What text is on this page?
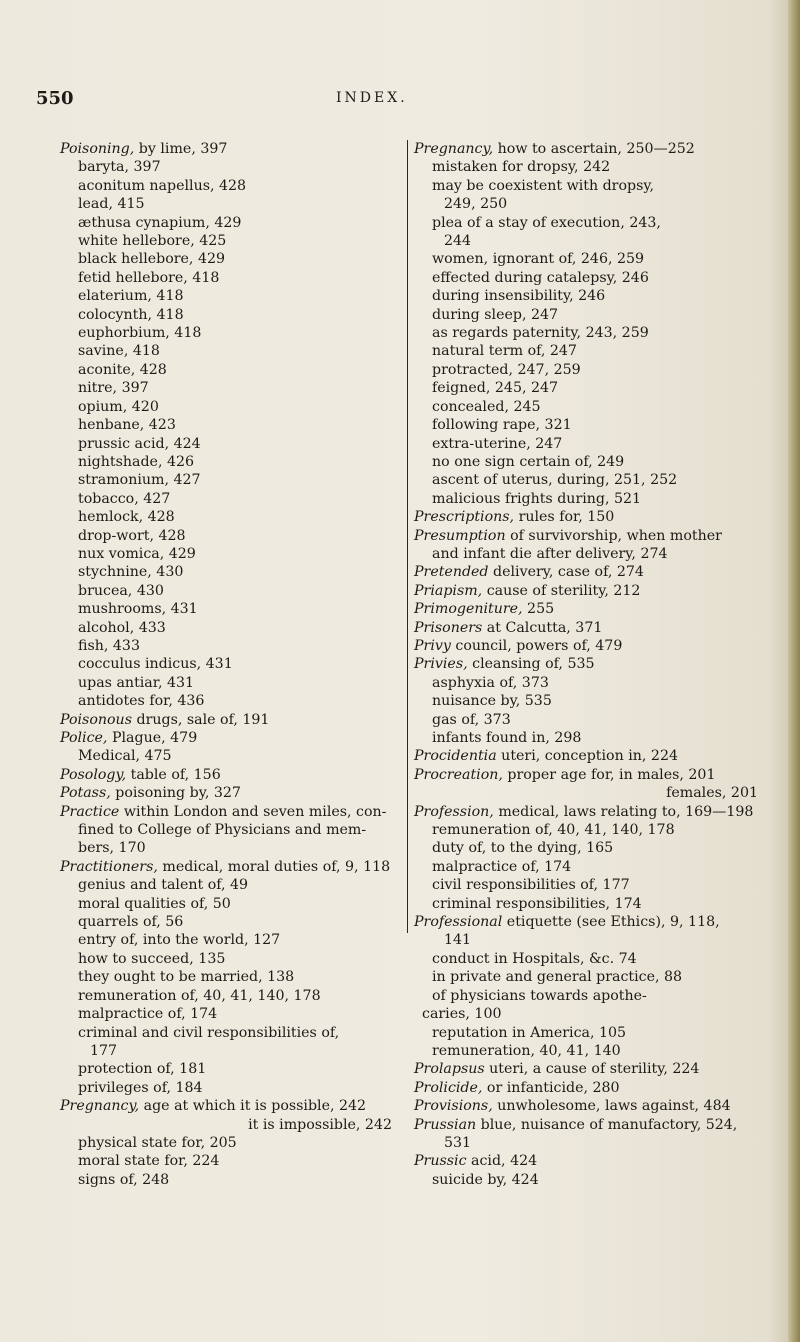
550	INDEX.
Poisoning, by lime, 397
baryta, 397
aconitum napellus, 428
lead, 415
æthusa cynapium, 429
white hellebore, 425
black hellebore, 429
fetid hellebore, 418
elaterium, 418
colocynth, 418
euphorbium, 418
savine, 418
aconite, 428
nitre, 397
opium, 420
henbane, 423
prussic acid, 424
nightshade, 426
stramonium, 427
tobacco, 427
hemlock, 428
drop-wort, 428
nux vomica, 429
stychnine, 430
brucea, 430
mushrooms, 431
alcohol, 433
fish, 433
cocculus indicus, 431
upas antiar, 431
antidotes for, 436
Poisonous drugs, sale of, 191
Police, Plague, 479
Medical, 475
Posology, table of, 156
Potass, poisoning by, 327
Practice within London and seven miles, con-
fined to College of Physicians and mem-
bers, 170
Practitioners, medical, moral duties of, 9, 118
genius and talent of, 49
moral qualities of, 50
quarrels of, 56
entry of, into the world, 127
how to succeed, 135
they ought to be married, 138
remuneration of, 40, 41, 140, 178
malpractice of, 174
criminal and civil responsibilities of,
177
protection of, 181
privileges of, 184
Pregnancy, age at which it is possible, 242
it is impossible, 242
physical state for, 205
moral state for, 224
signs of, 248
Pregnancy, how to ascertain, 250—252
mistaken for dropsy, 242
may be coexistent with dropsy,
249, 250
plea of a stay of execution, 243,
244
women, ignorant of, 246, 259
effected during catalepsy, 246
during insensibility, 246
during sleep, 247
as regards paternity, 243, 259
natural term of, 247
protracted, 247, 259
feigned, 245, 247
concealed, 245
following rape, 321
extra-uterine, 247
no one sign certain of, 249
ascent of uterus, during, 251, 252
malicious frights during, 521
Prescriptions, rules for, 150
Presumption of survivorship, when mother
and infant die after delivery, 274
Pretended delivery, case of, 274
Priapism, cause of sterility, 212
Primogeniture, 255
Prisoners at Calcutta, 371
Privy council, powers of, 479
Privies, cleansing of, 535
asphyxia of, 373
nuisance by, 535
gas of, 373
infants found in, 298
Procidentia uteri, conception in, 224
Procreation, proper age for, in males, 201
females, 201
Profession, medical, laws relating to, 169—198
remuneration of, 40, 41, 140, 178
duty of, to the dying, 165
malpractice of, 174
civil responsibilities of, 177
criminal responsibilities, 174
Professional etiquette (see Ethics), 9, 118,
141
conduct in Hospitals, &c. 74
in private and general practice, 88
of physicians towards apothe-
caries, 100
reputation in America, 105
remuneration, 40, 41, 140
Prolapsus uteri, a cause of sterility, 224
Prolicide, or infanticide, 280
Provisions, unwholesome, laws against, 484
Prussian blue, nuisance of manufactory, 524,
531
Prussic acid, 424
suicide by, 424
